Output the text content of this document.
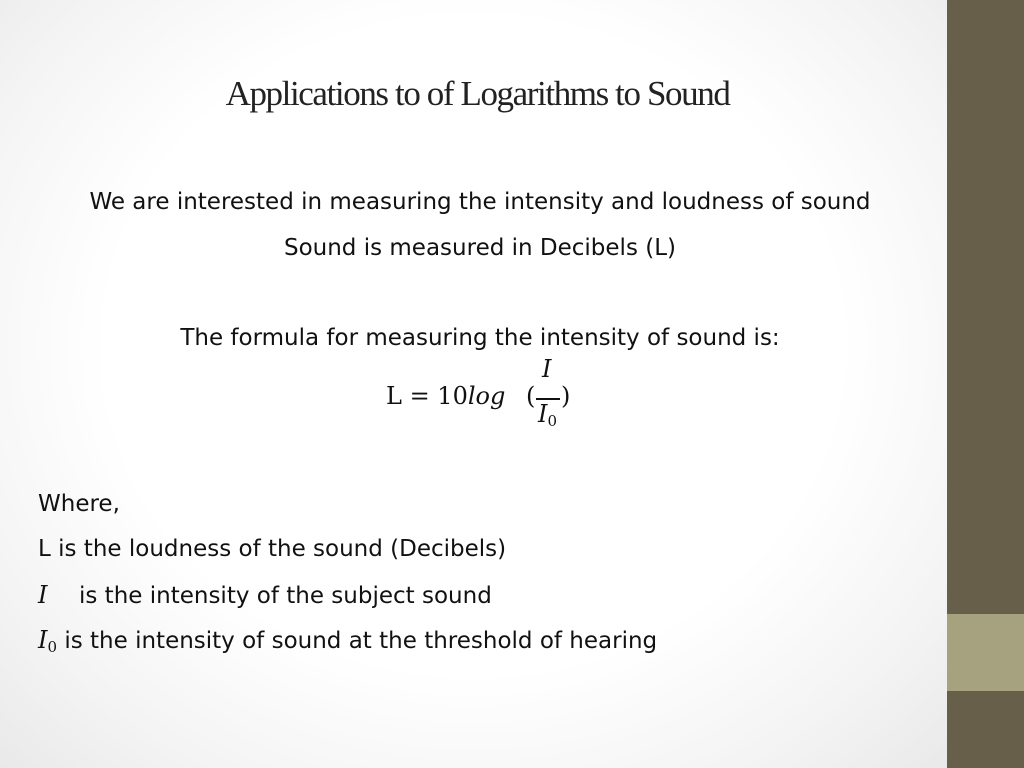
Applications to of Logarithms to Sound
We are interested in measuring the intensity and loudness of sound
Sound is measured in Decibels (L)
The formula for measuring the intensity of sound is:
L = 10log (
I
$I_0$
)
Where,
L is the loudness of the sound (Decibels)
I is the intensity of the subject sound
$I_0$ is the intensity of sound at the threshold of hearing
